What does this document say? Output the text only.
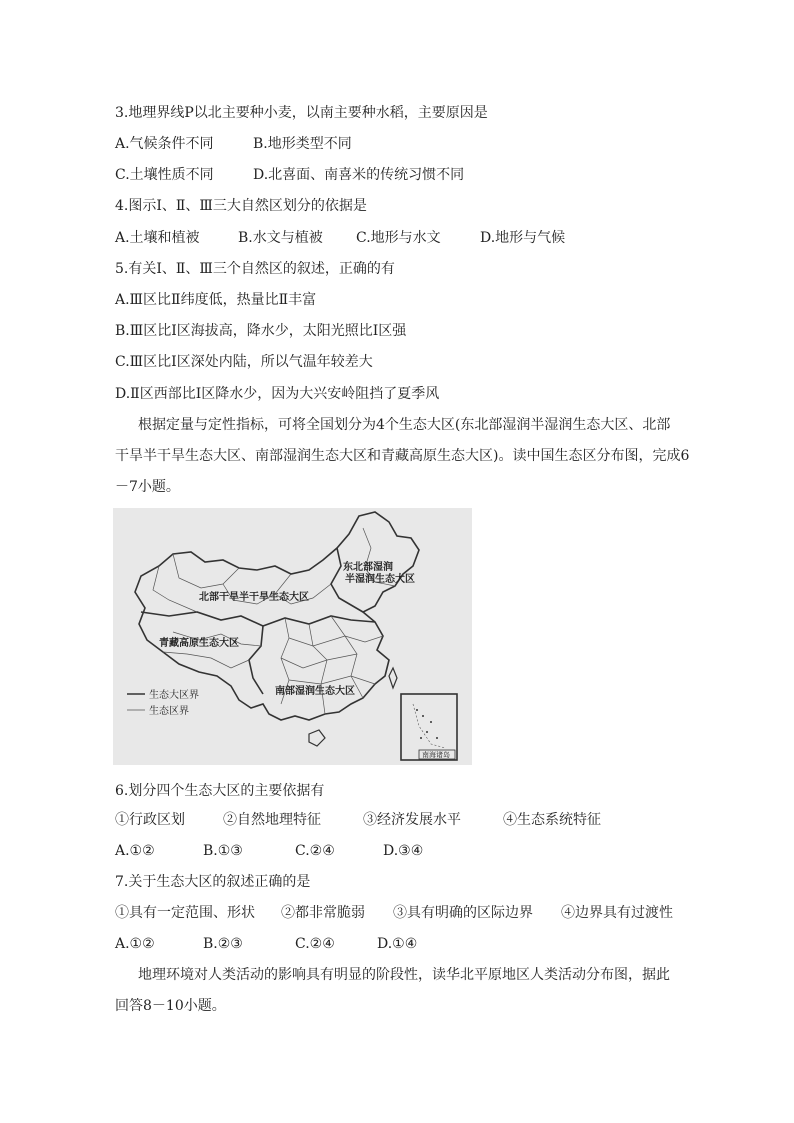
3.地理界线P以北主要种小麦，以南主要种水稻，主要原因是
A.气候条件不同	B.地形类型不同
C.土壤性质不同	D.北喜面、南喜米的传统习惯不同
4.图示Ⅰ、Ⅱ、Ⅲ三大自然区划分的依据是
A.土壤和植被	B.水文与植被 C.地形与水文	D.地形与气候
5.有关Ⅰ、Ⅱ、Ⅲ三个自然区的叙述，正确的有
A.Ⅲ区比Ⅱ纬度低，热量比Ⅱ丰富
B.Ⅲ区比Ⅰ区海拔高，降水少，太阳光照比Ⅰ区强
C.Ⅲ区比Ⅰ区深处内陆，所以气温年较差大
D.Ⅱ区西部比Ⅰ区降水少，因为大兴安岭阻挡了夏季风
根据定量与定性指标，可将全国划分为4个生态大区(东北部湿润半湿润生态大区、北部
干旱半干旱生态大区、南部湿润生态大区和青藏高原生态大区)。读中国生态区分布图，完成6
－7小题。
东北部湿润
半湿润生态大区
北部干旱半干旱生态大区
青藏高原生态大区
南部湿润生态大区
生态大区界
生态区界
南海诸岛
6.划分四个生态大区的主要依据有
①行政区划	②自然地理特征	③经济发展水平	④生态系统特征
A.①②	B.①③	C.②④	D.③④
7.关于生态大区的叙述正确的是
①具有一定范围、形状 ②都非常脆弱 ③具有明确的区际边界 ④边界具有过渡性
A.①②	B.②③	C.②④	D.①④
地理环境对人类活动的影响具有明显的阶段性，读华北平原地区人类活动分布图，据此
回答8－10小题。
